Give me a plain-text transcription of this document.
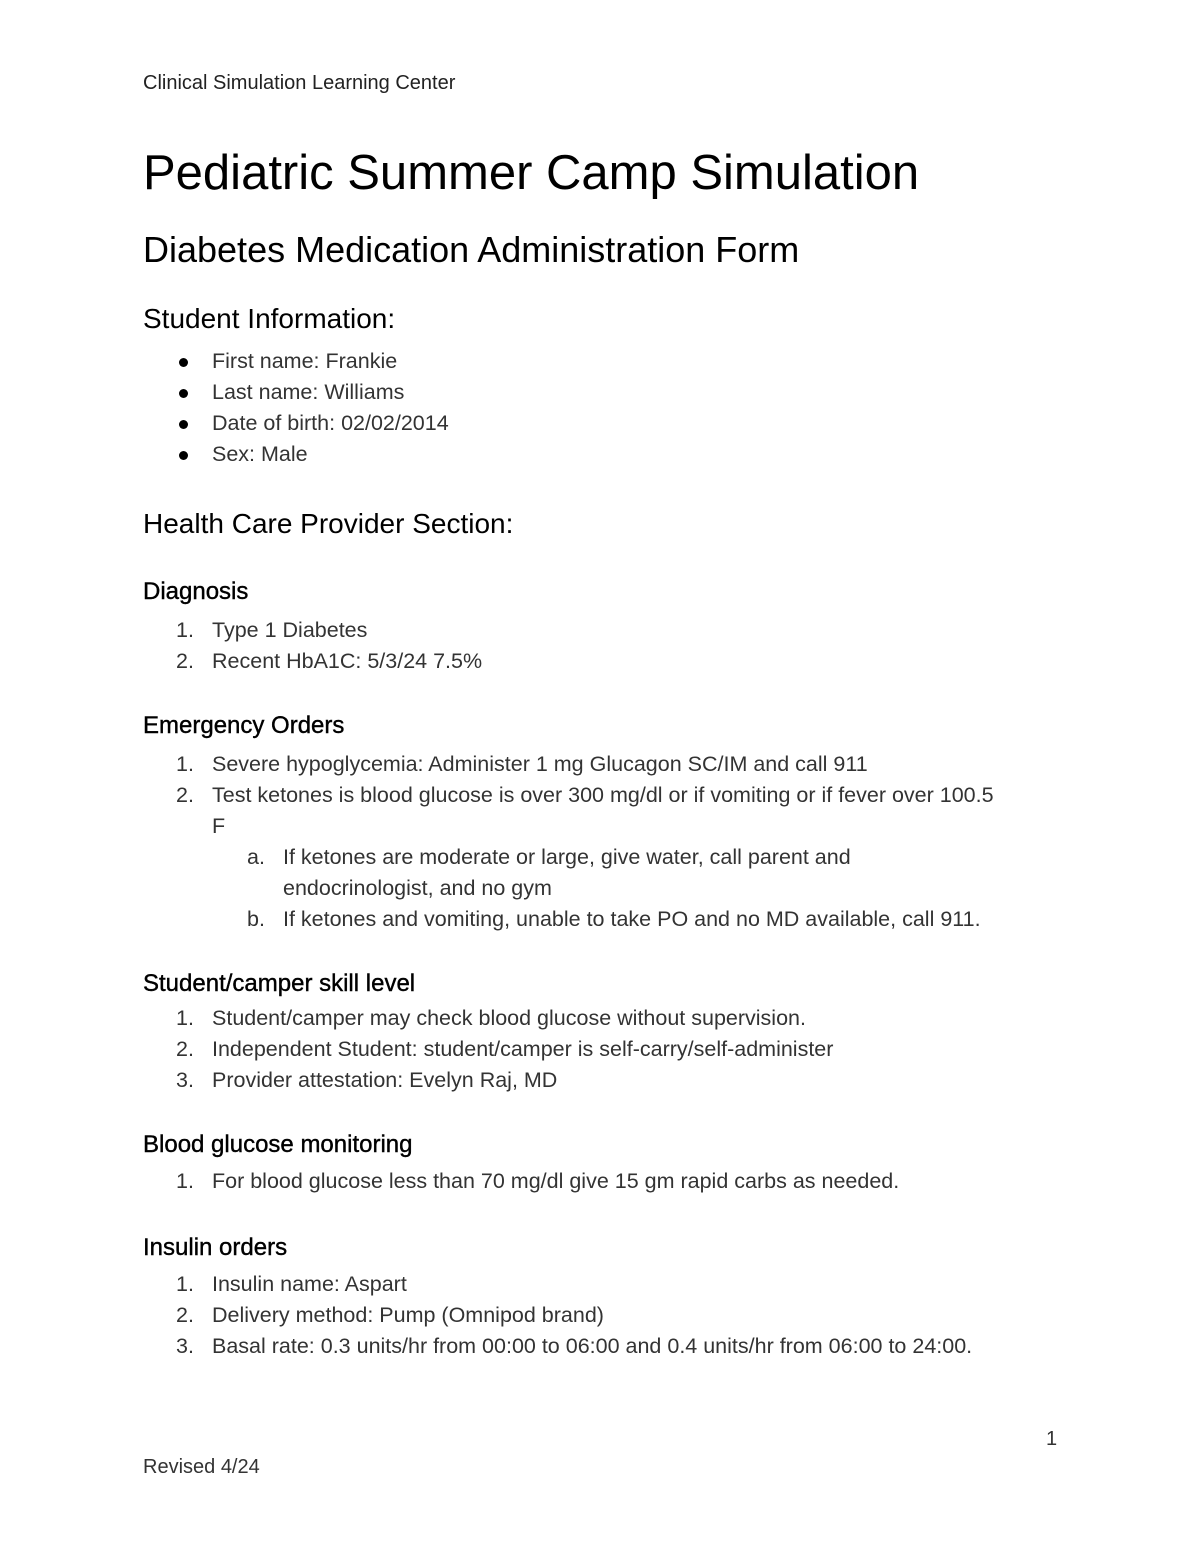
Clinical Simulation Learning Center
Pediatric Summer Camp Simulation
Diabetes Medication Administration Form
Student Information:
First name: Frankie
Last name: Williams
Date of birth: 02/02/2014
Sex: Male
Health Care Provider Section:
Diagnosis
1. Type 1 Diabetes
2. Recent HbA1C: 5/3/24 7.5%
Emergency Orders
1. Severe hypoglycemia: Administer 1 mg Glucagon SC/IM and call 911
2. Test ketones is blood glucose is over 300 mg/dl or if vomiting or if fever over 100.5 F
a. If ketones are moderate or large, give water, call parent and endocrinologist, and no gym
b. If ketones and vomiting, unable to take PO and no MD available, call 911.
Student/camper skill level
1. Student/camper may check blood glucose without supervision.
2. Independent Student: student/camper is self-carry/self-administer
3. Provider attestation: Evelyn Raj, MD
Blood glucose monitoring
1. For blood glucose less than 70 mg/dl give 15 gm rapid carbs as needed.
Insulin orders
1. Insulin name: Aspart
2. Delivery method: Pump (Omnipod brand)
3. Basal rate: 0.3 units/hr from 00:00 to 06:00 and 0.4 units/hr from 06:00 to 24:00.
1
Revised 4/24
